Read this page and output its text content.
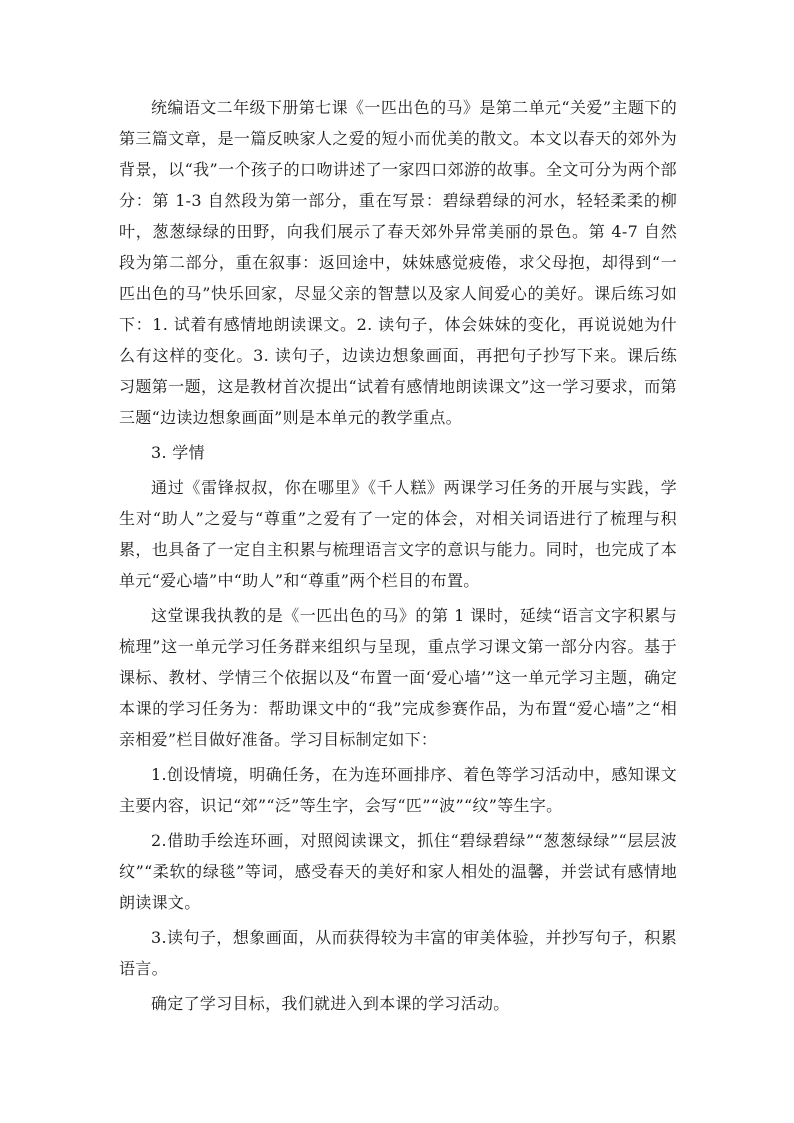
统编语文二年级下册第七课《一匹出色的马》是第二单元“关爱”主题下的第三篇文章，是一篇反映家人之爱的短小而优美的散文。本文以春天的郊外为背景，以“我”一个孩子的口吻讲述了一家四口郊游的故事。全文可分为两个部分：第 1-3 自然段为第一部分，重在写景：碧绿碧绿的河水，轻轻柔柔的柳叶，葱葱绿绿的田野，向我们展示了春天郊外异常美丽的景色。第 4-7 自然段为第二部分，重在叙事：返回途中，妹妹感觉疲倦，求父母抱，却得到“一匹出色的马”快乐回家，尽显父亲的智慧以及家人间爱心的美好。课后练习如下：1. 试着有感情地朗读课文。2. 读句子，体会妹妹的变化，再说说她为什么有这样的变化。3. 读句子，边读边想象画面，再把句子抄写下来。课后练习题第一题，这是教材首次提出“试着有感情地朗读课文”这一学习要求，而第三题“边读边想象画面”则是本单元的教学重点。

3. 学情

通过《雷锋叔叔，你在哪里》《千人糕》两课学习任务的开展与实践，学生对“助人”之爱与“尊重”之爱有了一定的体会，对相关词语进行了梳理与积累，也具备了一定自主积累与梳理语言文字的意识与能力。同时，也完成了本单元“爱心墙”中“助人”和“尊重”两个栏目的布置。

这堂课我执教的是《一匹出色的马》的第 1 课时，延续“语言文字积累与梳理”这一单元学习任务群来组织与呈现，重点学习课文第一部分内容。基于课标、教材、学情三个依据以及“布置一面‘爱心墙’”这一单元学习主题，确定本课的学习任务为：帮助课文中的“我”完成参赛作品，为布置“爱心墙”之“相亲相爱”栏目做好准备。学习目标制定如下：

1.创设情境，明确任务，在为连环画排序、着色等学习活动中，感知课文主要内容，识记“郊”“泛”等生字，会写“匹”“波”“纹”等生字。

2.借助手绘连环画，对照阅读课文，抓住“碧绿碧绿”“葱葱绿绿”“层层波纹”“柔软的绿毯”等词，感受春天的美好和家人相处的温馨，并尝试有感情地朗读课文。

3.读句子，想象画面，从而获得较为丰富的审美体验，并抄写句子，积累语言。

确定了学习目标，我们就进入到本课的学习活动。
